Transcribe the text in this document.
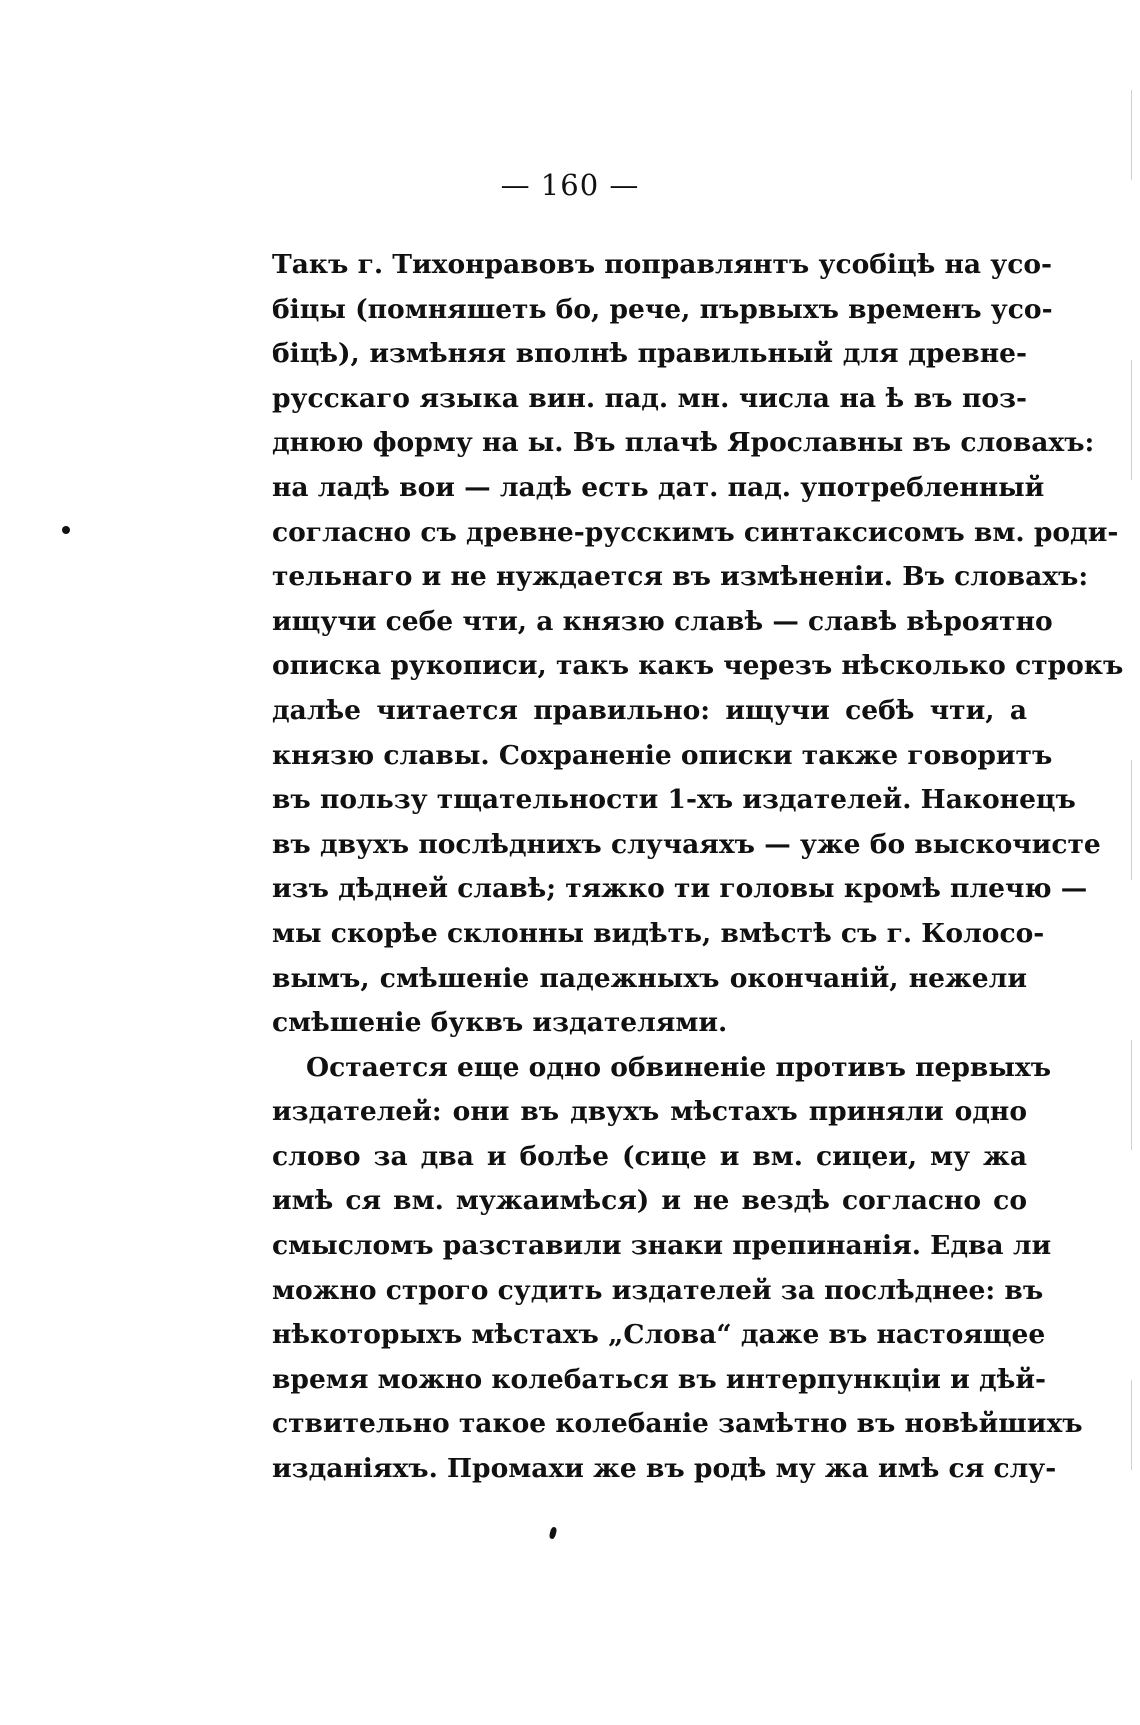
— 160 —
Такъ г. Тихонравовъ поправлянтъ усобіцѣ на усо-
біцы (помняшеть бо, рече, първыхъ временъ усо-
біцѣ), измѣняя вполнѣ правильный для древне-
русскаго языка вин. пад. мн. числа на ѣ въ поз-
днюю форму на ы. Въ плачѣ Ярославны въ словахъ:
на ладѣ вои — ладѣ есть дат. пад. употребленный
согласно съ древне-русскимъ синтаксисомъ вм. роди-
тельнаго и не нуждается въ измѣненіи. Въ словахъ:
ищучи себе чти, а князю славѣ — славѣ вѣроятно
описка рукописи, такъ какъ черезъ нѣсколько строкъ
далѣе читается правильно: ищучи себѣ чти, а
князю славы. Сохраненіе описки также говоритъ
въ пользу тщательности 1-хъ издателей. Наконецъ
въ двухъ послѣднихъ случаяхъ — уже бо выскочисте
изъ дѣдней славѣ; тяжко ти головы кромѣ плечю —
мы скорѣе склонны видѣть, вмѣстѣ съ г. Колосо-
вымъ, смѣшеніе падежныхъ окончаній, нежели
смѣшеніе буквъ издателями.
Остается еще одно обвиненіе противъ первыхъ
издателей: они въ двухъ мѣстахъ приняли одно
слово за два и болѣе (сице и вм. сицеи, му жа
имѣ ся вм. мужаимѣся) и не вездѣ согласно со
смысломъ разставили знаки препинанія. Едва ли
можно строго судить издателей за послѣднее: въ
нѣкоторыхъ мѣстахъ „Слова“ даже въ настоящее
время можно колебаться въ интерпункціи и дѣй-
ствительно такое колебаніе замѣтно въ новѣйшихъ
изданіяхъ. Промахи же въ родѣ му жа имѣ ся слу-
